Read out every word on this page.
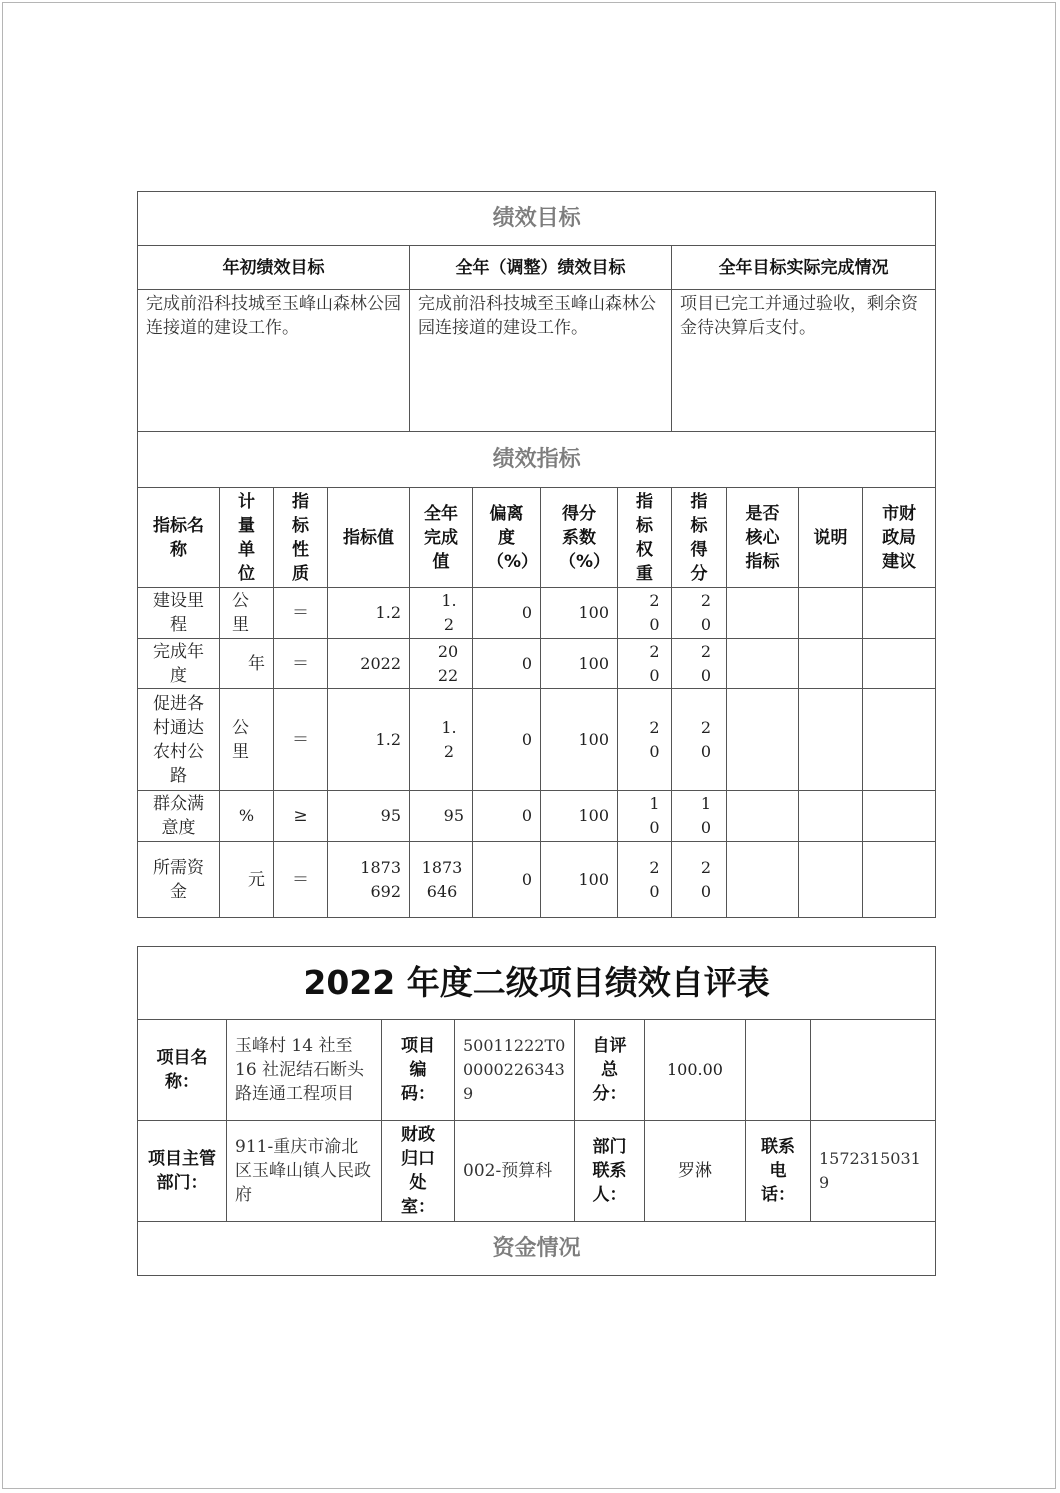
绩效目标											
年初绩效目标				全年（调整）绩效目标				全年目标实际完成情况			
完成前沿科技城至玉峰山森林公园连接道的建设工作。				完成前沿科技城至玉峰山森林公园连接道的建设工作。				项目已完工并通过验收，剩余资金待决算后支付。			
绩效指标											
指标名称	计量单位	指标性质	指标值	全年完成值	偏离度（%）	得分系数（%）	指标权重	指标得分	是否核心指标	说明	市财政局建议
建设里程	公里	＝	1.2	1.2	0	100	20	20			
完成年度	年	＝	2022	2022	0	100	20	20			
促进各村通达农村公路	公里	＝	1.2	1.2	0	100	20	20			
群众满意度	%	≥	95	95	0	100	10	10			
所需资金	元	＝	1873692	1873646	0	100	20	20			
2022 年度二级项目绩效自评表							
项目名称：	玉峰村 14 社至 16 社泥结石断头路连通工程项目	项目编码：	50011222T000002263439	自评总分：	100.00		
项目主管部门：	911-重庆市渝北区玉峰山镇人民政府	财政归口处室：	002-预算科	部门联系人：	罗淋	联系电话：	15723150319
资金情况							
